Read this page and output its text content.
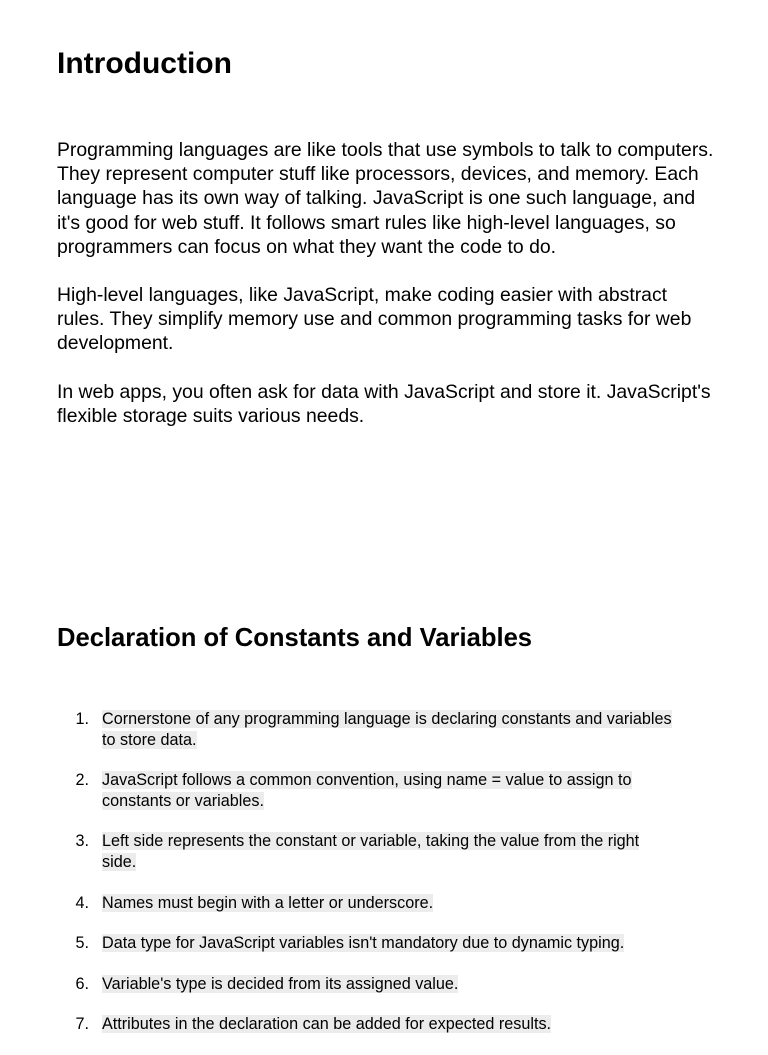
Introduction

Programming languages are like tools that use symbols to talk to computers. They represent computer stuff like processors, devices, and memory. Each language has its own way of talking. JavaScript is one such language, and it's good for web stuff. It follows smart rules like high-level languages, so programmers can focus on what they want the code to do.

High-level languages, like JavaScript, make coding easier with abstract rules. They simplify memory use and common programming tasks for web development.

In web apps, you often ask for data with JavaScript and store it. JavaScript's flexible storage suits various needs.

Declaration of Constants and Variables
1. Cornerstone of any programming language is declaring constants and variables to store data.
2. JavaScript follows a common convention, using name = value to assign to constants or variables.
3. Left side represents the constant or variable, taking the value from the right side.
4. Names must begin with a letter or underscore.
5. Data type for JavaScript variables isn't mandatory due to dynamic typing.
6. Variable's type is decided from its assigned value.
7. Attributes in the declaration can be added for expected results.
